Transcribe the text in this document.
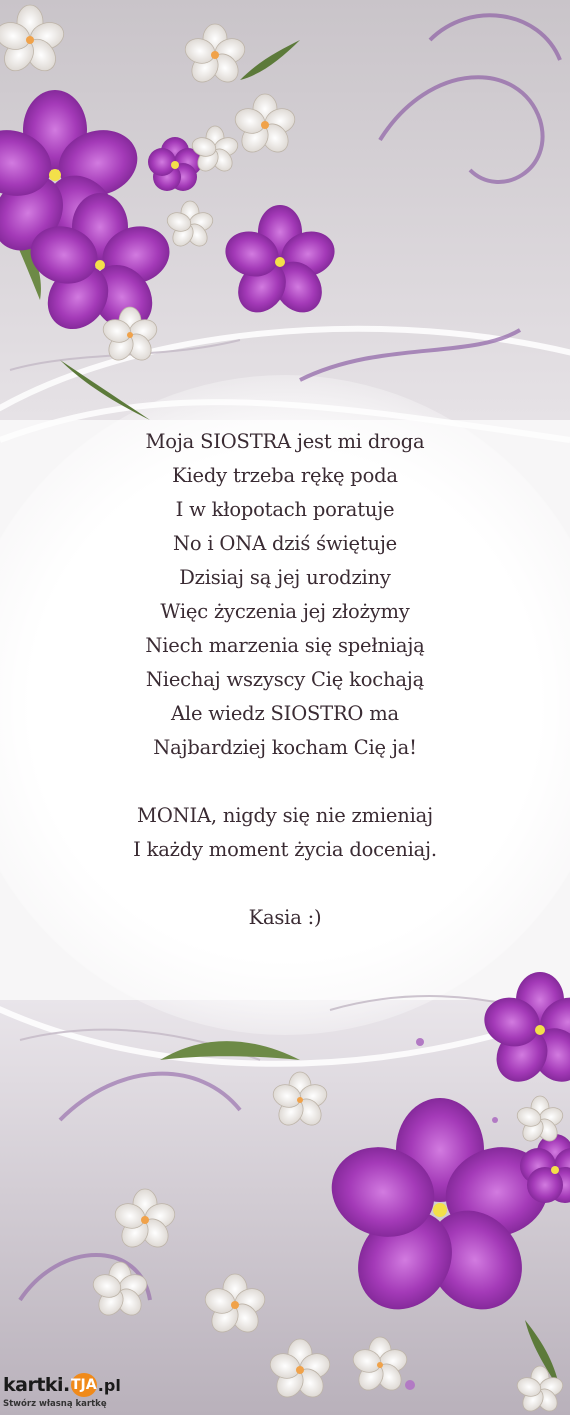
Moja SIOSTRA jest mi droga
Kiedy trzeba rękę poda
I w kłopotach poratuje
No i ONA dziś świętuje
Dzisiaj są jej urodziny
Więc życzenia jej złożymy
Niech marzenia się spełniają
Niechaj wszyscy Cię kochają
Ale wiedz SIOSTRO ma
Najbardziej kocham Cię ja!
MONIA, nigdy się nie zmieniaj
I każdy moment życia doceniaj.
Kasia :)
kartki. TJA .pl
Stwórz własną kartkę
